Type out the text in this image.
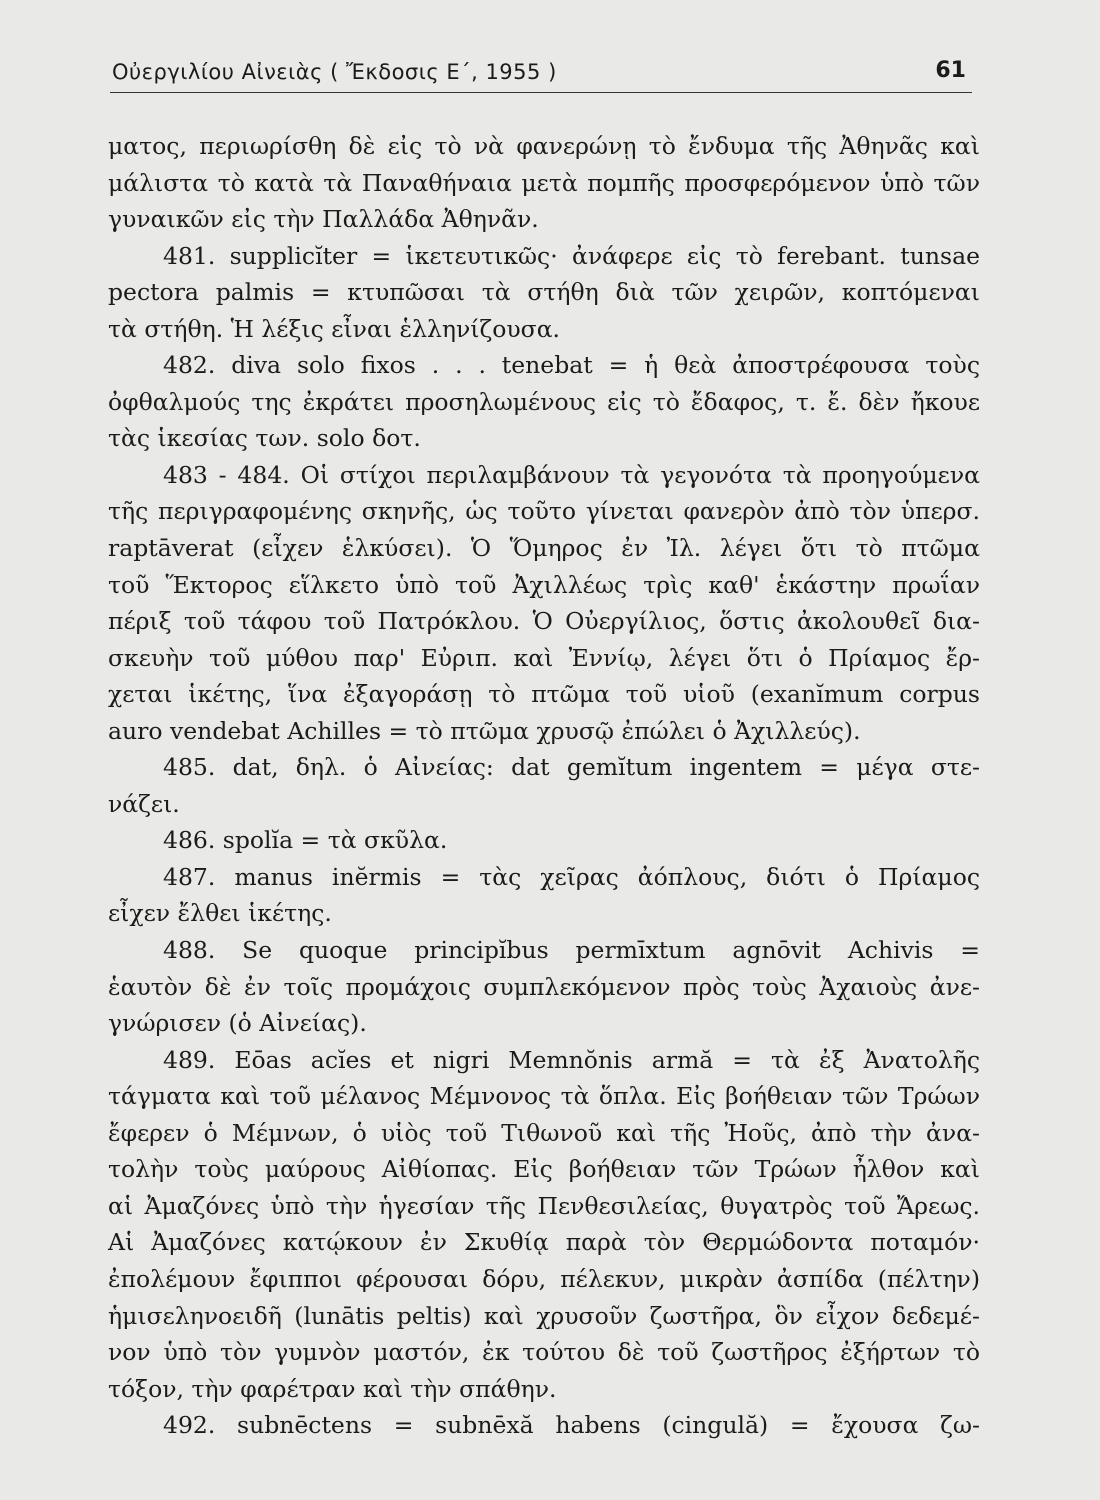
Οὐεργιλίου Αἰνειὰς ( Ἔκδοσις Ε΄, 1955 )	61
ματος, περιωρίσθη δὲ εἰς τὸ νὰ φανερώνῃ τὸ ἔνδυμα τῆς Ἀθηνᾶς καὶ
μάλιστα τὸ κατὰ τὰ Παναθήναια μετὰ πομπῆς προσφερόμενον ὑπὸ τῶν
γυναικῶν εἰς τὴν Παλλάδα Ἀθηνᾶν.
481. supplicĭter = ἱκετευτικῶς· ἀνάφερε εἰς τὸ ferebant. tunsae
pectora palmis = κτυπῶσαι τὰ στήθη διὰ τῶν χειρῶν, κοπτόμεναι
τὰ στήθη. Ἡ λέξις εἶναι ἑλληνίζουσα.
482. diva solo fixos . . . tenebat = ἡ θεὰ ἀποστρέφουσα τοὺς
ὀφθαλμούς της ἐκράτει προσηλωμένους εἰς τὸ ἔδαφος, τ. ἔ. δὲν ἤκουε
τὰς ἱκεσίας των. solo δοτ.
483 - 484. Οἱ στίχοι περιλαμβάνουν τὰ γεγονότα τὰ προηγούμενα
τῆς περιγραφομένης σκηνῆς, ὡς τοῦτο γίνεται φανερὸν ἀπὸ τὸν ὑπερσ.
raptāverat (εἶχεν ἑλκύσει). Ὁ Ὅμηρος ἐν Ἰλ. λέγει ὅτι τὸ πτῶμα
τοῦ Ἕκτορος εἵλκετο ὑπὸ τοῦ Ἀχιλλέως τρὶς καθ' ἑκάστην πρωΐαν
πέριξ τοῦ τάφου τοῦ Πατρόκλου. Ὁ Οὐεργίλιος, ὅστις ἀκολουθεῖ δια-
σκευὴν τοῦ μύθου παρ' Εὐριπ. καὶ Ἐννίῳ, λέγει ὅτι ὁ Πρίαμος ἔρ-
χεται ἱκέτης, ἵνα ἐξαγοράσῃ τὸ πτῶμα τοῦ υἱοῦ (exanĭmum corpus
auro vendebat Achilles = τὸ πτῶμα χρυσῷ ἐπώλει ὁ Ἀχιλλεύς).
485. dat, δηλ. ὁ Αἰνείας: dat gemĭtum ingentem = μέγα στε-
νάζει.
486. spolĭa = τὰ σκῦλα.
487. manus inĕrmis = τὰς χεῖρας ἀόπλους, διότι ὁ Πρίαμος
εἶχεν ἔλθει ἱκέτης.
488. Se quoque principĭbus permīxtum agnōvit Achivis =
ἑαυτὸν δὲ ἐν τοῖς προμάχοις συμπλεκόμενον πρὸς τοὺς Ἀχαιοὺς ἀνε-
γνώρισεν (ὁ Αἰνείας).
489. Eōas acĭes et nigri Memnŏnis armă = τὰ ἐξ Ἀνατολῆς
τάγματα καὶ τοῦ μέλανος Μέμνονος τὰ ὅπλα. Εἰς βοήθειαν τῶν Τρώων
ἔφερεν ὁ Μέμνων, ὁ υἱὸς τοῦ Τιθωνοῦ καὶ τῆς Ἠοῦς, ἀπὸ τὴν ἀνα-
τολὴν τοὺς μαύρους Αἰθίοπας. Εἰς βοήθειαν τῶν Τρώων ἦλθον καὶ
αἱ Ἀμαζόνες ὑπὸ τὴν ἡγεσίαν τῆς Πενθεσιλείας, θυγατρὸς τοῦ Ἄρεως.
Αἱ Ἀμαζόνες κατῴκουν ἐν Σκυθίᾳ παρὰ τὸν Θερμώδοντα ποταμόν·
ἐπολέμουν ἔφιπποι φέρουσαι δόρυ, πέλεκυν, μικρὰν ἀσπίδα (πέλτην)
ἡμισεληνοειδῆ (lunātis peltis) καὶ χρυσοῦν ζωστῆρα, ὃν εἶχον δεδεμέ-
νον ὑπὸ τὸν γυμνὸν μαστόν, ἐκ τούτου δὲ τοῦ ζωστῆρος ἐξήρτων τὸ
τόξον, τὴν φαρέτραν καὶ τὴν σπάθην.
492. subnēctens = subnēxă habens (cingulă) = ἔχουσα ζω-
